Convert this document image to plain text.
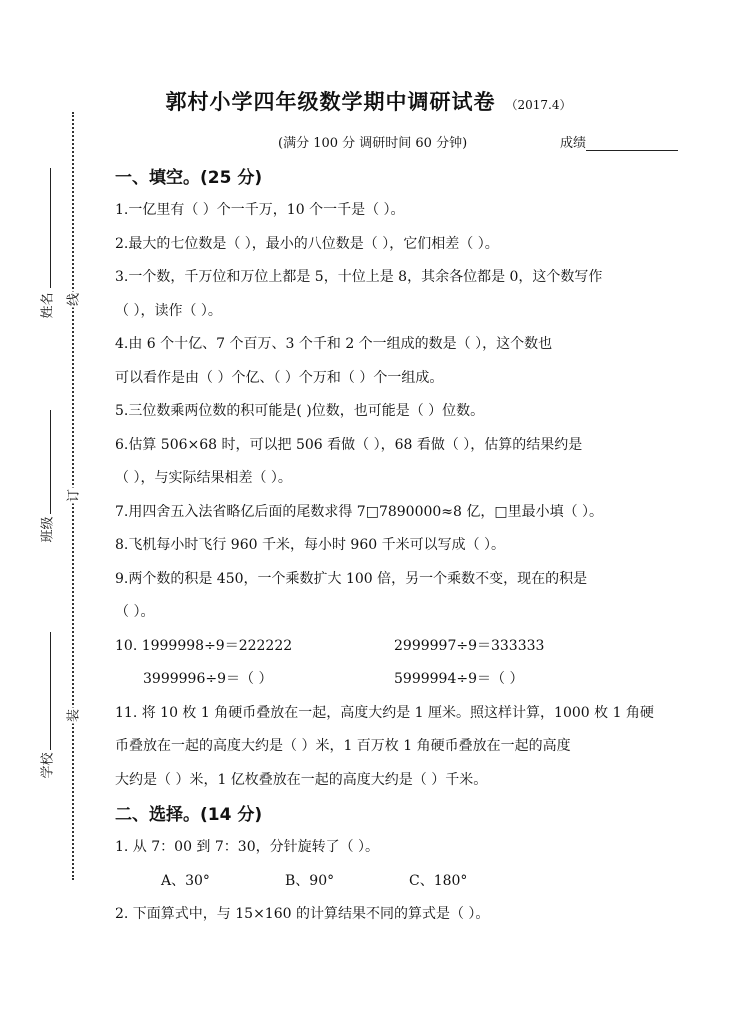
线
订
装
姓名
班级
学校
郭村小学四年级数学期中调研试卷 （2017.4）
(满分 100 分 调研时间 60 分钟)	成绩
一、填空。(25 分)
1.一亿里有（ ）个一千万，10 个一千是（ ）。
2.最大的七位数是（ ），最小的八位数是（ ），它们相差（ ）。
3.一个数，千万位和万位上都是 5，十位上是 8，其余各位都是 0，这个数写作
（ ），读作（ ）。
4.由 6 个十亿、7 个百万、3 个千和 2 个一组成的数是（ ），这个数也
可以看作是由（ ）个亿、（ ）个万和（ ）个一组成。
5.三位数乘两位数的积可能是( )位数，也可能是（ ）位数。
6.估算 506×68 时，可以把 506 看做（ ），68 看做（ ），估算的结果约是
（ ），与实际结果相差（ ）。
7.用四舍五入法省略亿后面的尾数求得 7□7890000≈8 亿，□里最小填（ ）。
8.飞机每小时飞行 960 千米，每小时 960 千米可以写成（ ）。
9.两个数的积是 450，一个乘数扩大 100 倍，另一个乘数不变，现在的积是
（ ）。
10. 1999998÷9＝222222	2999997÷9＝333333
3999996÷9＝（ ）	5999994÷9＝（ ）
11. 将 10 枚 1 角硬币叠放在一起，高度大约是 1 厘米。照这样计算，1000 枚 1 角硬
币叠放在一起的高度大约是（ ）米，1 百万枚 1 角硬币叠放在一起的高度
大约是（ ）米，1 亿枚叠放在一起的高度大约是（ ）千米。
二、选择。(14 分)
1. 从 7：00 到 7：30，分针旋转了（ ）。
A、30°	B、90°	C、180°
2. 下面算式中，与 15×160 的计算结果不同的算式是（ ）。
